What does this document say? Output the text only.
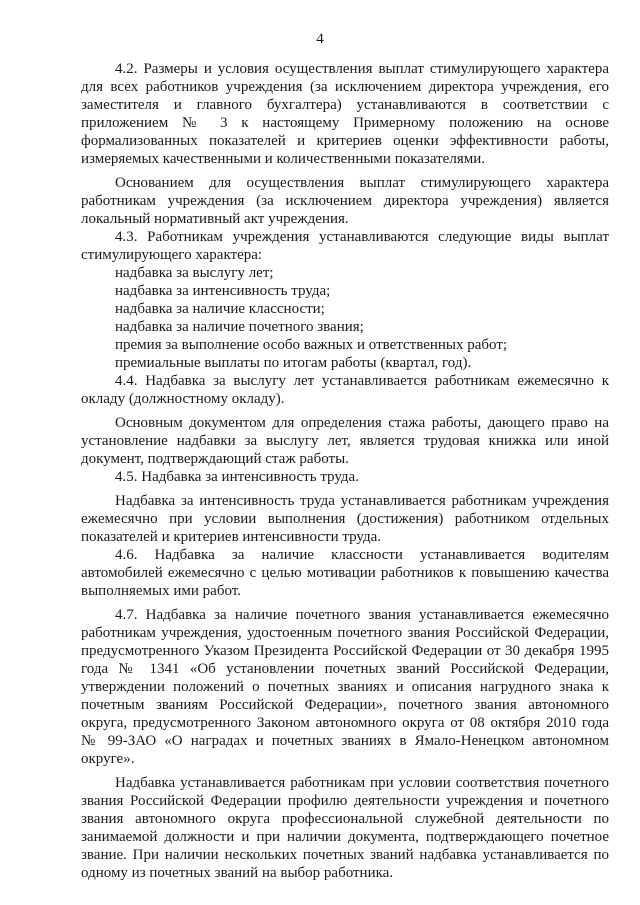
4

4.2. Размеры и условия осуществления выплат стимулирующего характера для всех работников учреждения (за исключением директора учреждения, его заместителя и главного бухгалтера) устанавливаются в соответствии с приложением № 3 к настоящему Примерному положению на основе формализованных показателей и критериев оценки эффективности работы, измеряемых качественными и количественными показателями.

Основанием для осуществления выплат стимулирующего характера работникам учреждения (за исключением директора учреждения) является локальный нормативный акт учреждения.

4.3. Работникам учреждения устанавливаются следующие виды выплат стимулирующего характера:

надбавка за выслугу лет;

надбавка за интенсивность труда;

надбавка за наличие классности;

надбавка за наличие почетного звания;

премия за выполнение особо важных и ответственных работ;

премиальные выплаты по итогам работы (квартал, год).

4.4. Надбавка за выслугу лет устанавливается работникам ежемесячно к окладу (должностному окладу).

Основным документом для определения стажа работы, дающего право на установление надбавки за выслугу лет, является трудовая книжка или иной документ, подтверждающий стаж работы.

4.5. Надбавка за интенсивность труда.

Надбавка за интенсивность труда устанавливается работникам учреждения ежемесячно при условии выполнения (достижения) работником отдельных показателей и критериев интенсивности труда.

4.6. Надбавка за наличие классности устанавливается водителям автомобилей ежемесячно с целью мотивации работников к повышению качества выполняемых ими работ.

4.7. Надбавка за наличие почетного звания устанавливается ежемесячно работникам учреждения, удостоенным почетного звания Российской Федерации, предусмотренного Указом Президента Российской Федерации от 30 декабря 1995 года № 1341 «Об установлении почетных званий Российской Федерации, утверждении положений о почетных званиях и описания нагрудного знака к почетным званиям Российской Федерации», почетного звания автономного округа, предусмотренного Законом автономного округа от 08 октября 2010 года № 99-ЗАО «О наградах и почетных званиях в Ямало-Ненецком автономном округе».

Надбавка устанавливается работникам при условии соответствия почетного звания Российской Федерации профилю деятельности учреждения и почетного звания автономного округа профессиональной служебной деятельности по занимаемой должности и при наличии документа, подтверждающего почетное звание. При наличии нескольких почетных званий надбавка устанавливается по одному из почетных званий на выбор работника.
